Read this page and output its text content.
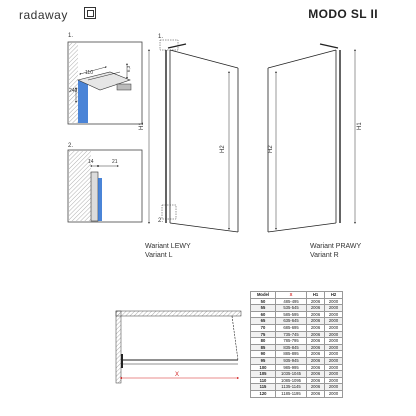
radaway	MODO SL II
1.
110
240
6,3
2.
14	21
1.
2.
H1
H2	H2
H1
X
Wariant LEWY
Variant L
Wariant PRAWY
Variant R
Model	X	H1	H2
50	485-495	2006	2000
55	535-545	2006	2000
60	585-595	2006	2000
65	635-645	2006	2000
70	685-695	2006	2000
75	735-745	2006	2000
80	785-795	2006	2000
85	835-845	2006	2000
90	885-895	2006	2000
95	935-945	2006	2000
100	985-995	2006	2000
105	1035-1045	2006	2000
110	1085-1095	2006	2000
115	1135-1145	2006	2000
120	1185-1195	2006	2000
